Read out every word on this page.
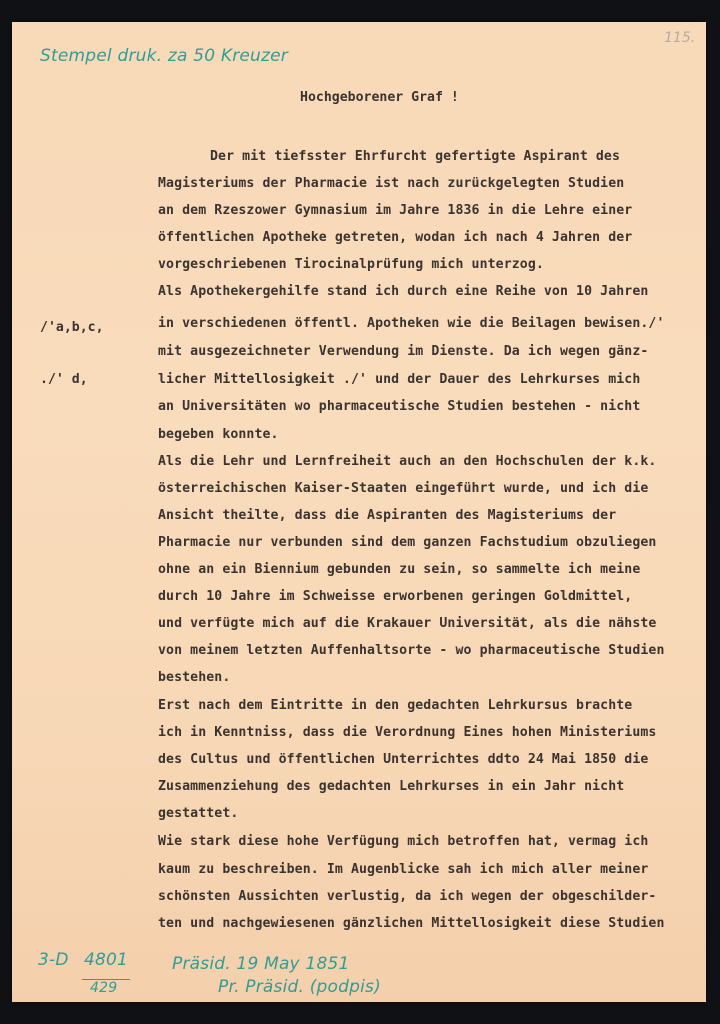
Stempel druk. za 50 Kreuzer
115.
Hochgeborener Graf !
/'a,b,c,
./' d,
Der mit tiefsster Ehrfurcht gefertigte Aspirant des
Magisteriums der Pharmacie ist nach zurückgelegten Studien
an dem Rzeszower Gymnasium im Jahre 1836 in die Lehre einer
öffentlichen Apotheke getreten, wodan ich nach 4 Jahren der
vorgeschriebenen Tirocinalprüfung mich unterzog.
Als Apothekergehilfe stand ich durch eine Reihe von 10 Jahren
in verschiedenen öffentl. Apotheken wie die Beilagen bewisen./'
mit ausgezeichneter Verwendung im Dienste. Da ich wegen gänz-
licher Mittellosigkeit ./' und der Dauer des Lehrkurses mich
an Universitäten wo pharmaceutische Studien bestehen - nicht
begeben konnte.
Als die Lehr und Lernfreiheit auch an den Hochschulen der k.k.
österreichischen Kaiser-Staaten eingeführt wurde, und ich die
Ansicht theilte, dass die Aspiranten des Magisteriums der
Pharmacie nur verbunden sind dem ganzen Fachstudium obzuliegen
ohne an ein Biennium gebunden zu sein, so sammelte ich meine
durch 10 Jahre im Schweisse erworbenen geringen Goldmittel,
und verfügte mich auf die Krakauer Universität, als die nähste
von meinem letzten Auffenhaltsorte - wo pharmaceutische Studien
bestehen.
Erst nach dem Eintritte in den gedachten Lehrkursus brachte
ich in Kenntniss, dass die Verordnung Eines hohen Ministeriums
des Cultus und öffentlichen Unterrichtes ddto 24 Mai 1850 die
Zusammenziehung des gedachten Lehrkurses in ein Jahr nicht
gestattet.
Wie stark diese hohe Verfügung mich betroffen hat, vermag ich
kaum zu beschreiben. Im Augenblicke sah ich mich aller meiner
schönsten Aussichten verlustig, da ich wegen der obgeschilder-
ten und nachgewiesenen gänzlichen Mittellosigkeit diese Studien
3-D 4801
429
Präsid. 19 May 1851
Pr. Präsid. (podpis)
